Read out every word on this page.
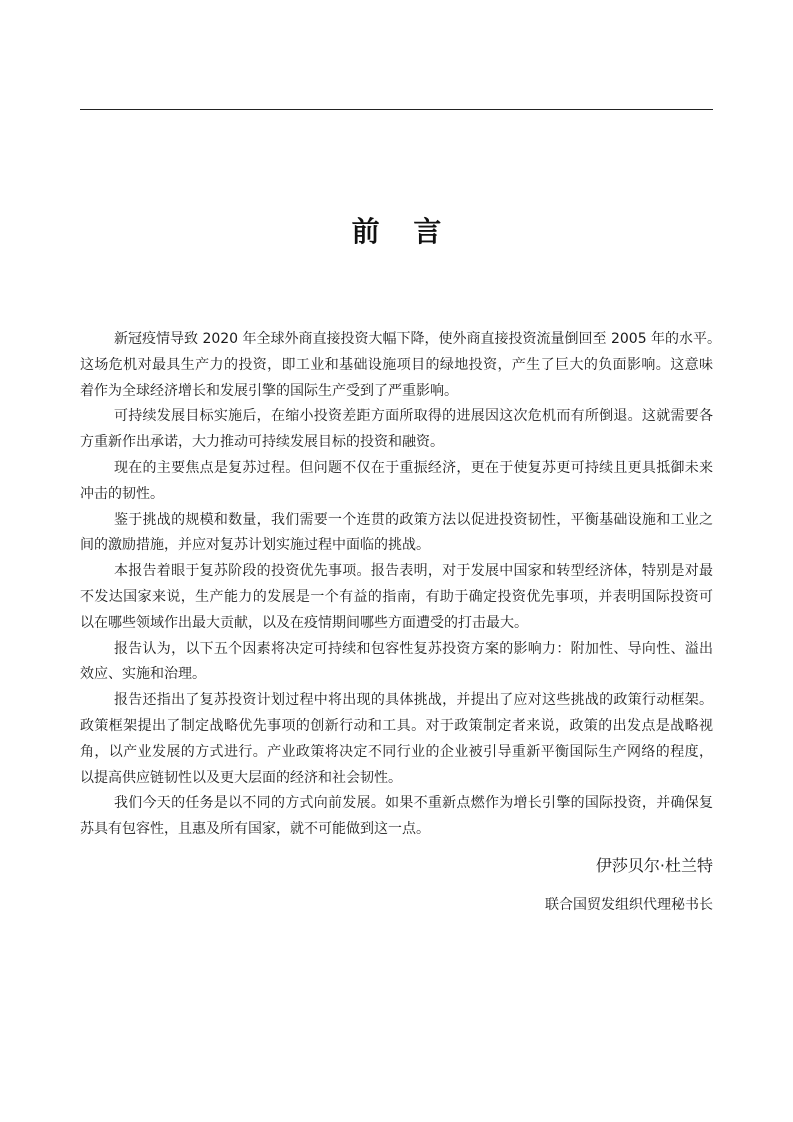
前 言
新冠疫情导致 2020 年全球外商直接投资大幅下降，使外商直接投资流量倒回至 2005 年的水平。
这场危机对最具生产力的投资，即工业和基础设施项目的绿地投资，产生了巨大的负面影响。这意味
着作为全球经济增长和发展引擎的国际生产受到了严重影响。
可持续发展目标实施后，在缩小投资差距方面所取得的进展因这次危机而有所倒退。这就需要各
方重新作出承诺，大力推动可持续发展目标的投资和融资。
现在的主要焦点是复苏过程。但问题不仅在于重振经济，更在于使复苏更可持续且更具抵御未来
冲击的韧性。
鉴于挑战的规模和数量，我们需要一个连贯的政策方法以促进投资韧性，平衡基础设施和工业之
间的激励措施，并应对复苏计划实施过程中面临的挑战。
本报告着眼于复苏阶段的投资优先事项。报告表明，对于发展中国家和转型经济体，特别是对最
不发达国家来说，生产能力的发展是一个有益的指南，有助于确定投资优先事项，并表明国际投资可
以在哪些领域作出最大贡献，以及在疫情期间哪些方面遭受的打击最大。
报告认为，以下五个因素将决定可持续和包容性复苏投资方案的影响力：附加性、导向性、溢出
效应、实施和治理。
报告还指出了复苏投资计划过程中将出现的具体挑战，并提出了应对这些挑战的政策行动框架。
政策框架提出了制定战略优先事项的创新行动和工具。对于政策制定者来说，政策的出发点是战略视
角，以产业发展的方式进行。产业政策将决定不同行业的企业被引导重新平衡国际生产网络的程度，
以提高供应链韧性以及更大层面的经济和社会韧性。
我们今天的任务是以不同的方式向前发展。如果不重新点燃作为增长引擎的国际投资，并确保复
苏具有包容性，且惠及所有国家，就不可能做到这一点。
伊莎贝尔·杜兰特
联合国贸发组织代理秘书长
